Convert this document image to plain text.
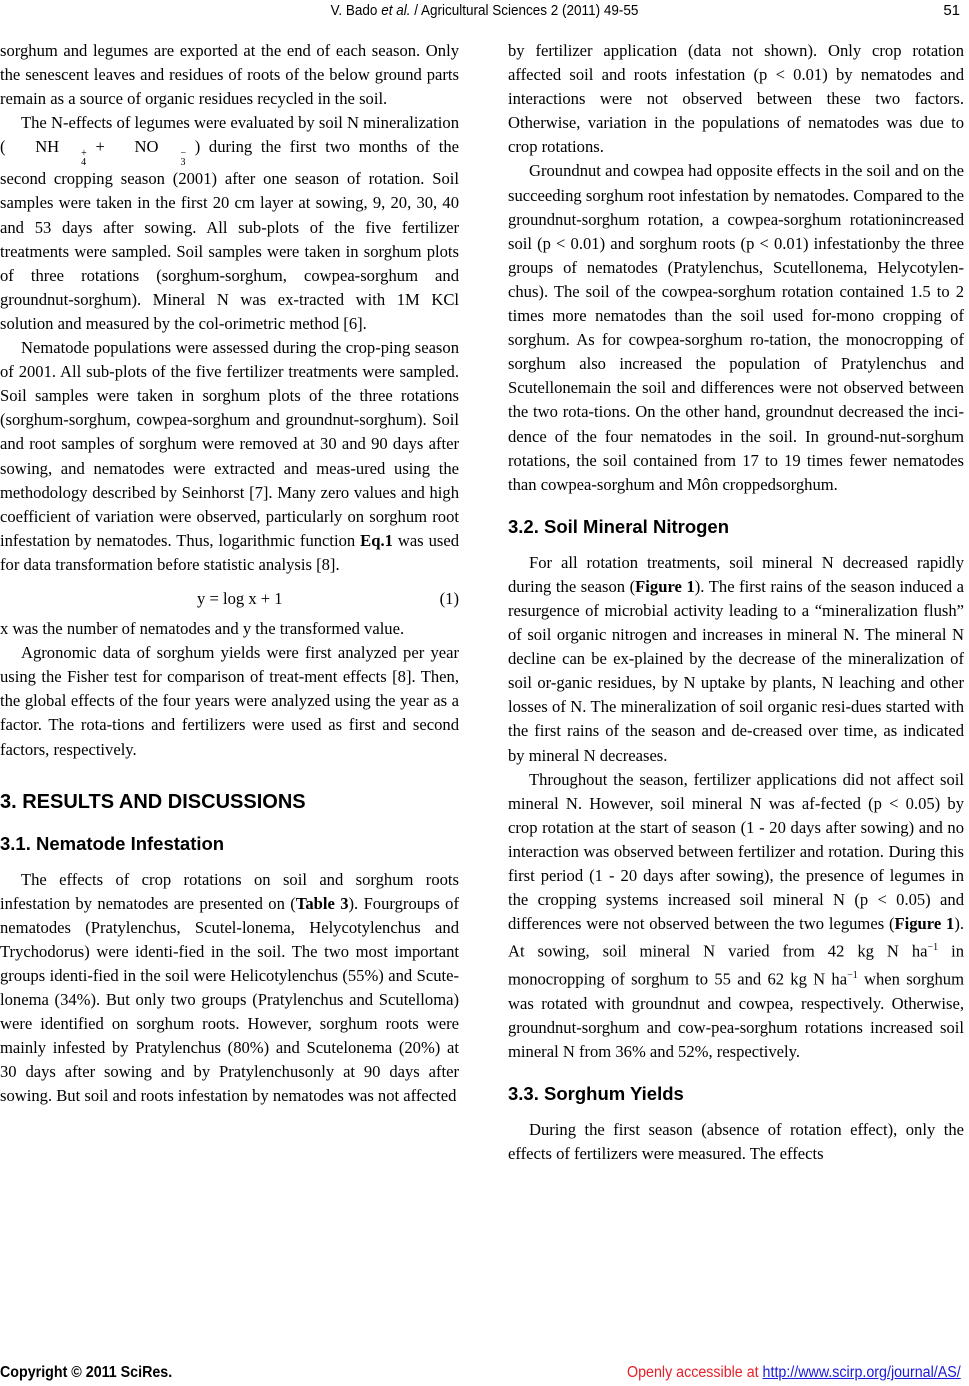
V. Bado et al. / Agricultural Sciences 2 (2011) 49-55	51

sorghum and legumes are exported at the end of each season. Only the senescent leaves and residues of roots of the below ground parts remain as a source of organic residues recycled in the soil.

The N-effects of legumes were evaluated by soil N mineralization ( NH	+
4
+ NO	−
3
) during the first two months of the second cropping season (2001) after one season of rotation. Soil samples were taken in the first 20 cm layer at sowing, 9, 20, 30, 40 and 53 days after sowing. All sub-plots of the five fertilizer treatments were sampled. Soil samples were taken in sorghum plots of three rotations (sorghum-sorghum, cowpea-sorghum and groundnut-sorghum). Mineral N was ex-tracted with 1M KCl solution and measured by the col-orimetric method [6].

Nematode populations were assessed during the crop-ping season of 2001. All sub-plots of the five fertilizer treatments were sampled. Soil samples were taken in sorghum plots of the three rotations (sorghum-sorghum, cowpea-sorghum and groundnut-sorghum). Soil and root samples of sorghum were removed at 30 and 90 days after sowing, and nematodes were extracted and meas-ured using the methodology described by Seinhorst [7]. Many zero values and high coefficient of variation were observed, particularly on sorghum root infestation by nematodes. Thus, logarithmic function Eq.1 was used for data transformation before statistic analysis [8].

y = log x + 1	(1)

x was the number of nematodes and y the transformed value.

Agronomic data of sorghum yields were first analyzed per year using the Fisher test for comparison of treat-ment effects [8]. Then, the global effects of the four years were analyzed using the year as a factor. The rota-tions and fertilizers were used as first and second factors, respectively.

3. RESULTS AND DISCUSSIONS
3.1. Nematode Infestation

The effects of crop rotations on soil and sorghum roots infestation by nematodes are presented on (Table 3). Fourgroups of nematodes (Pratylenchus, Scutel-lonema, Helycotylenchus and Trychodorus) were identi-fied in the soil. The two most important groups identi-fied in the soil were Helicotylenchus (55%) and Scute-lonema (34%). But only two groups (Pratylenchus and Scutelloma) were identified on sorghum roots. However, sorghum roots were mainly infested by Pratylenchus (80%) and Scutelonema (20%) at 30 days after sowing and by Pratylenchusonly at 90 days after sowing. But soil and roots infestation by nematodes was not affected

by fertilizer application (data not shown). Only crop rotation affected soil and roots infestation (p < 0.01) by nematodes and interactions were not observed between these two factors. Otherwise, variation in the populations of nematodes was due to crop rotations.

Groundnut and cowpea had opposite effects in the soil and on the succeeding sorghum root infestation by nematodes. Compared to the groundnut-sorghum rotation, a cowpea-sorghum rotationincreased soil (p < 0.01) and sorghum roots (p < 0.01) infestationby the three groups of nematodes (Pratylenchus, Scutellonema, Helycotylen-chus). The soil of the cowpea-sorghum rotation contained 1.5 to 2 times more nematodes than the soil used for-mono cropping of sorghum. As for cowpea-sorghum ro-tation, the monocropping of sorghum also increased the population of Pratylenchus and Scutellonemain the soil and differences were not observed between the two rota-tions. On the other hand, groundnut decreased the inci-dence of the four nematodes in the soil. In ground-nut-sorghum rotations, the soil contained from 17 to 19 times fewer nematodes than cowpea-sorghum and Môn croppedsorghum.

3.2. Soil Mineral Nitrogen

For all rotation treatments, soil mineral N decreased rapidly during the season (Figure 1). The first rains of the season induced a resurgence of microbial activity leading to a “mineralization flush” of soil organic nitrogen and increases in mineral N. The mineral N decline can be ex-plained by the decrease of the mineralization of soil or-ganic residues, by N uptake by plants, N leaching and other losses of N. The mineralization of soil organic resi-dues started with the first rains of the season and de-creased over time, as indicated by mineral N decreases.

Throughout the season, fertilizer applications did not affect soil mineral N. However, soil mineral N was af-fected (p < 0.05) by crop rotation at the start of season (1 - 20 days after sowing) and no interaction was observed between fertilizer and rotation. During this first period (1 - 20 days after sowing), the presence of legumes in the cropping systems increased soil mineral N (p < 0.05) and differences were not observed between the two legumes (Figure 1). At sowing, soil mineral N varied from 42 kg N $ha^{-1}$ in monocropping of sorghum to 55 and 62 kg N $ha^{-1}$ when sorghum was rotated with groundnut and cowpea, respectively. Otherwise, groundnut-sorghum and cow-pea-sorghum rotations increased soil mineral N from 36% and 52%, respectively.

3.3. Sorghum Yields

During the first season (absence of rotation effect), only the effects of fertilizers were measured. The effects

Copyright © 2011 SciRes.	Openly accessible at http://www.scirp.org/journal/AS/
